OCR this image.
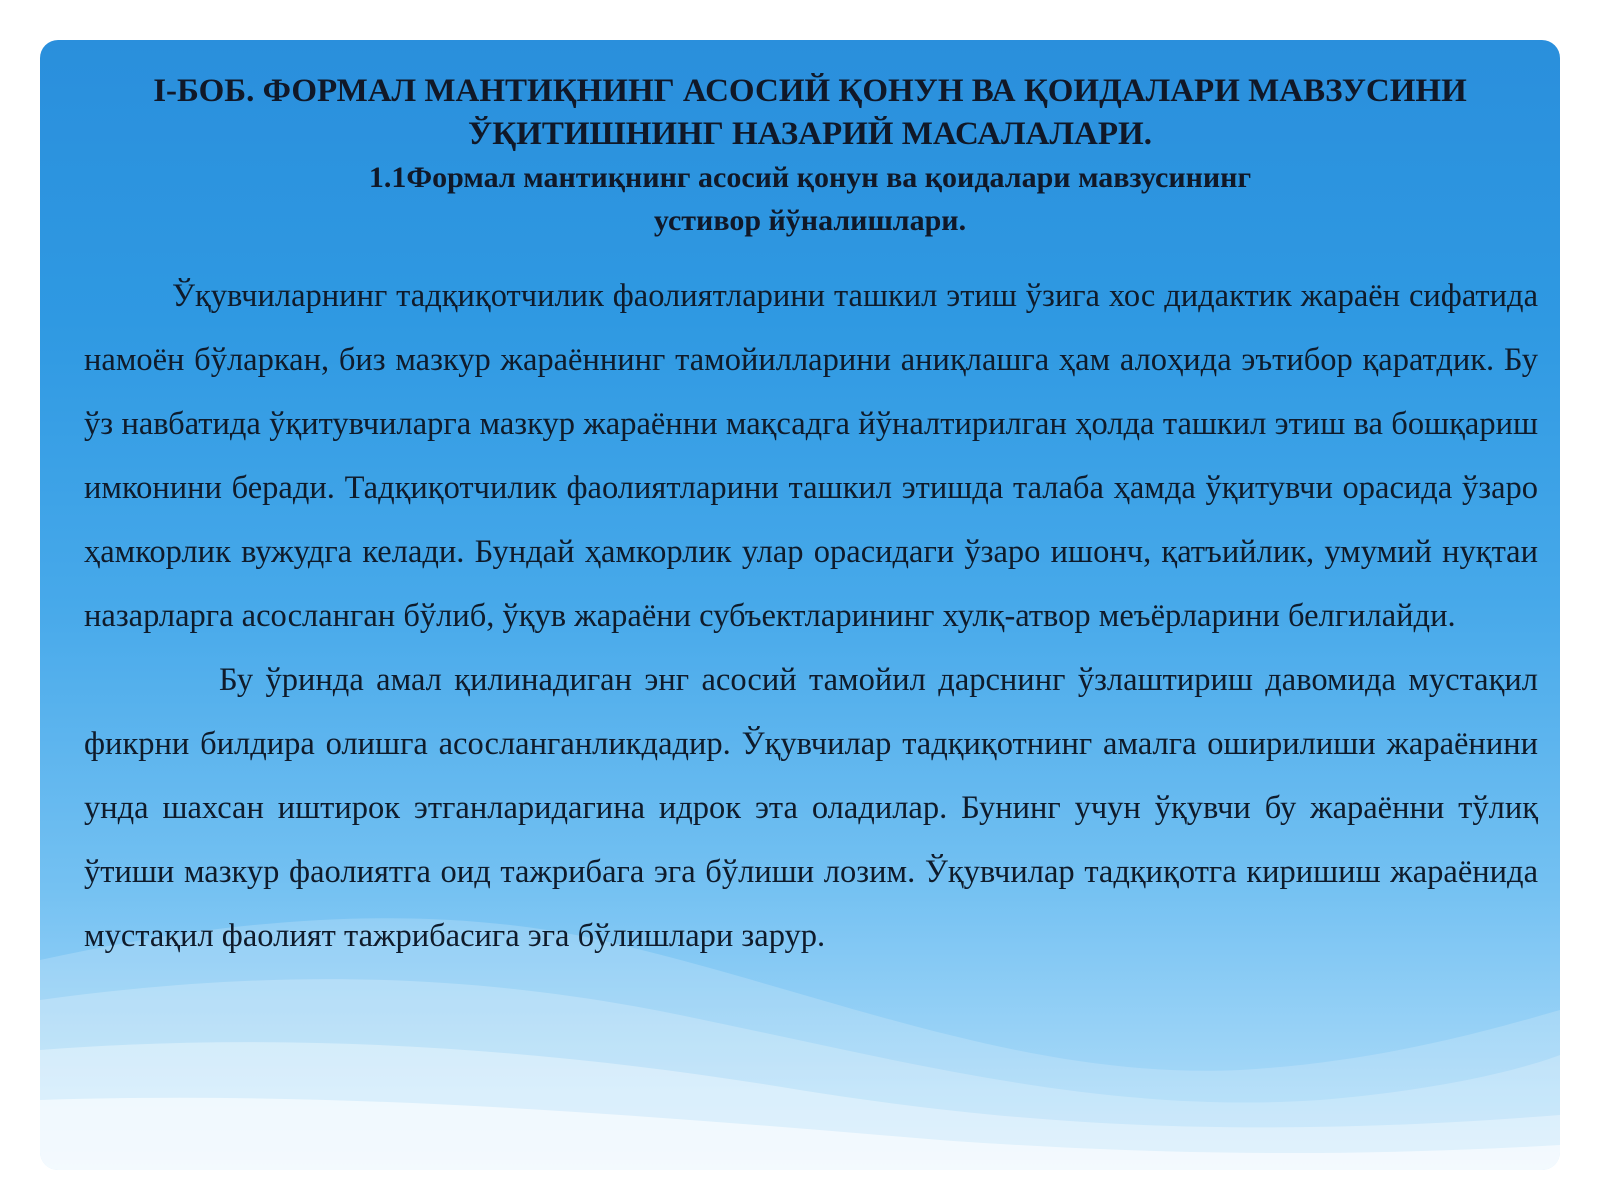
I-БОБ. ФОРМАЛ МАНТИҚНИНГ АСОСИЙ ҚОНУН ВА ҚОИДАЛАРИ МАВЗУСИНИ ЎҚИТИШНИНГ НАЗАРИЙ МАСАЛАЛАРИ.

1.1Формал мантиқнинг асосий қонун ва қоидалари мавзусининг

устивор йўналишлари.

Ўқувчиларнинг тадқиқотчилик фаолиятларини ташкил этиш ўзига хос дидактик жараён сифатида намоён бўларкан, биз мазкур жараённинг тамойилларини аниқлашга ҳам алоҳида эътибор қаратдик. Бу ўз навбатида ўқитувчиларга мазкур жараённи мақсадга йўналтирилган ҳолда ташкил этиш ва бошқариш имконини беради. Тадқиқотчилик фаолиятларини ташкил этишда талаба ҳамда ўқитувчи орасида ўзаро ҳамкорлик вужудга келади. Бундай ҳамкорлик улар орасидаги ўзаро ишонч, қатъийлик, умумий нуқтаи назарларга асосланган бўлиб, ўқув жараёни субъектларининг хулқ-атвор меъёрларини белгилайди.

Бу ўринда амал қилинадиган энг асосий тамойил дарснинг ўзлаштириш давомида мустақил фикрни билдира олишга асосланганликдадир. Ўқувчилар тадқиқотнинг амалга оширилиши жараёнини унда шахсан иштирок этганларидагина идрок эта оладилар. Бунинг учун ўқувчи бу жараённи тўлиқ ўтиши мазкур фаолиятга оид тажрибага эга бўлиши лозим. Ўқувчилар тадқиқотга киришиш жараёнида мустақил фаолият тажрибасига эга бўлишлари зарур.
